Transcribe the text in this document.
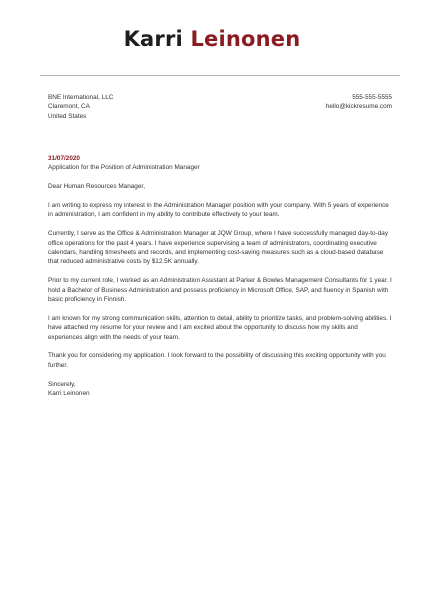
Karri Leinonen
BNE International, LLC
Claremont, CA
United States
555-555-5555
hello@kickresume.com
31/07/2020

Application for the Position of Administration Manager

Dear Human Resources Manager,

I am writing to express my interest in the Administration Manager position with your company. With 5 years of experience in administration, I am confident in my ability to contribute effectively to your team.

Currently, I serve as the Office & Administration Manager at JQW Group, where I have successfully managed day-to-day office operations for the past 4 years. I have experience supervising a team of administrators, coordinating executive calendars, handling timesheets and records, and implementing cost-saving measures such as a cloud-based database that reduced administrative costs by $12.5K annually.

Prior to my current role, I worked as an Administration Assistant at Parker & Bowles Management Consultants for 1 year. I hold a Bachelor of Business Administration and possess proficiency in Microsoft Office, SAP, and fluency in Spanish with basic proficiency in Finnish.

I am known for my strong communication skills, attention to detail, ability to prioritize tasks, and problem-solving abilities. I have attached my resume for your review and I am excited about the opportunity to discuss how my skills and experiences align with the needs of your team.

Thank you for considering my application. I look forward to the possibility of discussing this exciting opportunity with you further.

Sincerely,
Karri Leinonen
